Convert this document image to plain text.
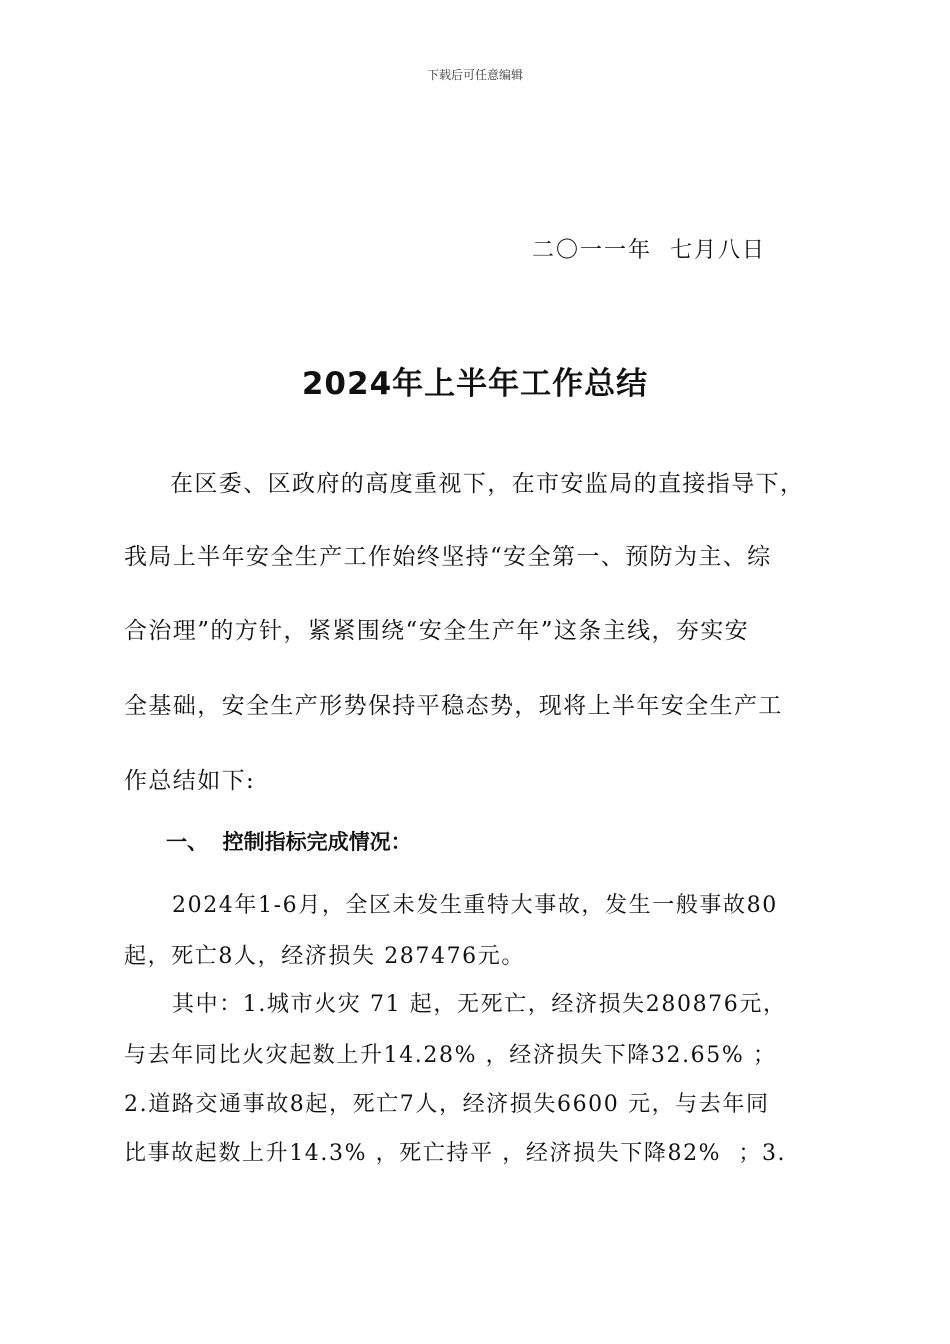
下载后可任意编辑
二〇一一年  七月八日
2024年上半年工作总结
在区委、区政府的高度重视下，在市安监局的直接指导下，
我局上半年安全生产工作始终坚持“安全第一、预防为主、综
合治理”的方针，紧紧围绕“安全生产年”这条主线，夯实安
全基础，安全生产形势保持平稳态势，现将上半年安全生产工
作总结如下:
一、  控制指标完成情况：
2024年1-6月，全区未发生重特大事故，发生一般事故80
起，死亡8人，经济损失 287476元。
其中：1.城市火灾 71 起，无死亡，经济损失280876元，
与去年同比火灾起数上升14.28% ，经济损失下降32.65% ；
2.道路交通事故8起，死亡7人，经济损失6600 元，与去年同
比事故起数上升14.3% ，死亡持平 ，经济损失下降82%  ；3.
